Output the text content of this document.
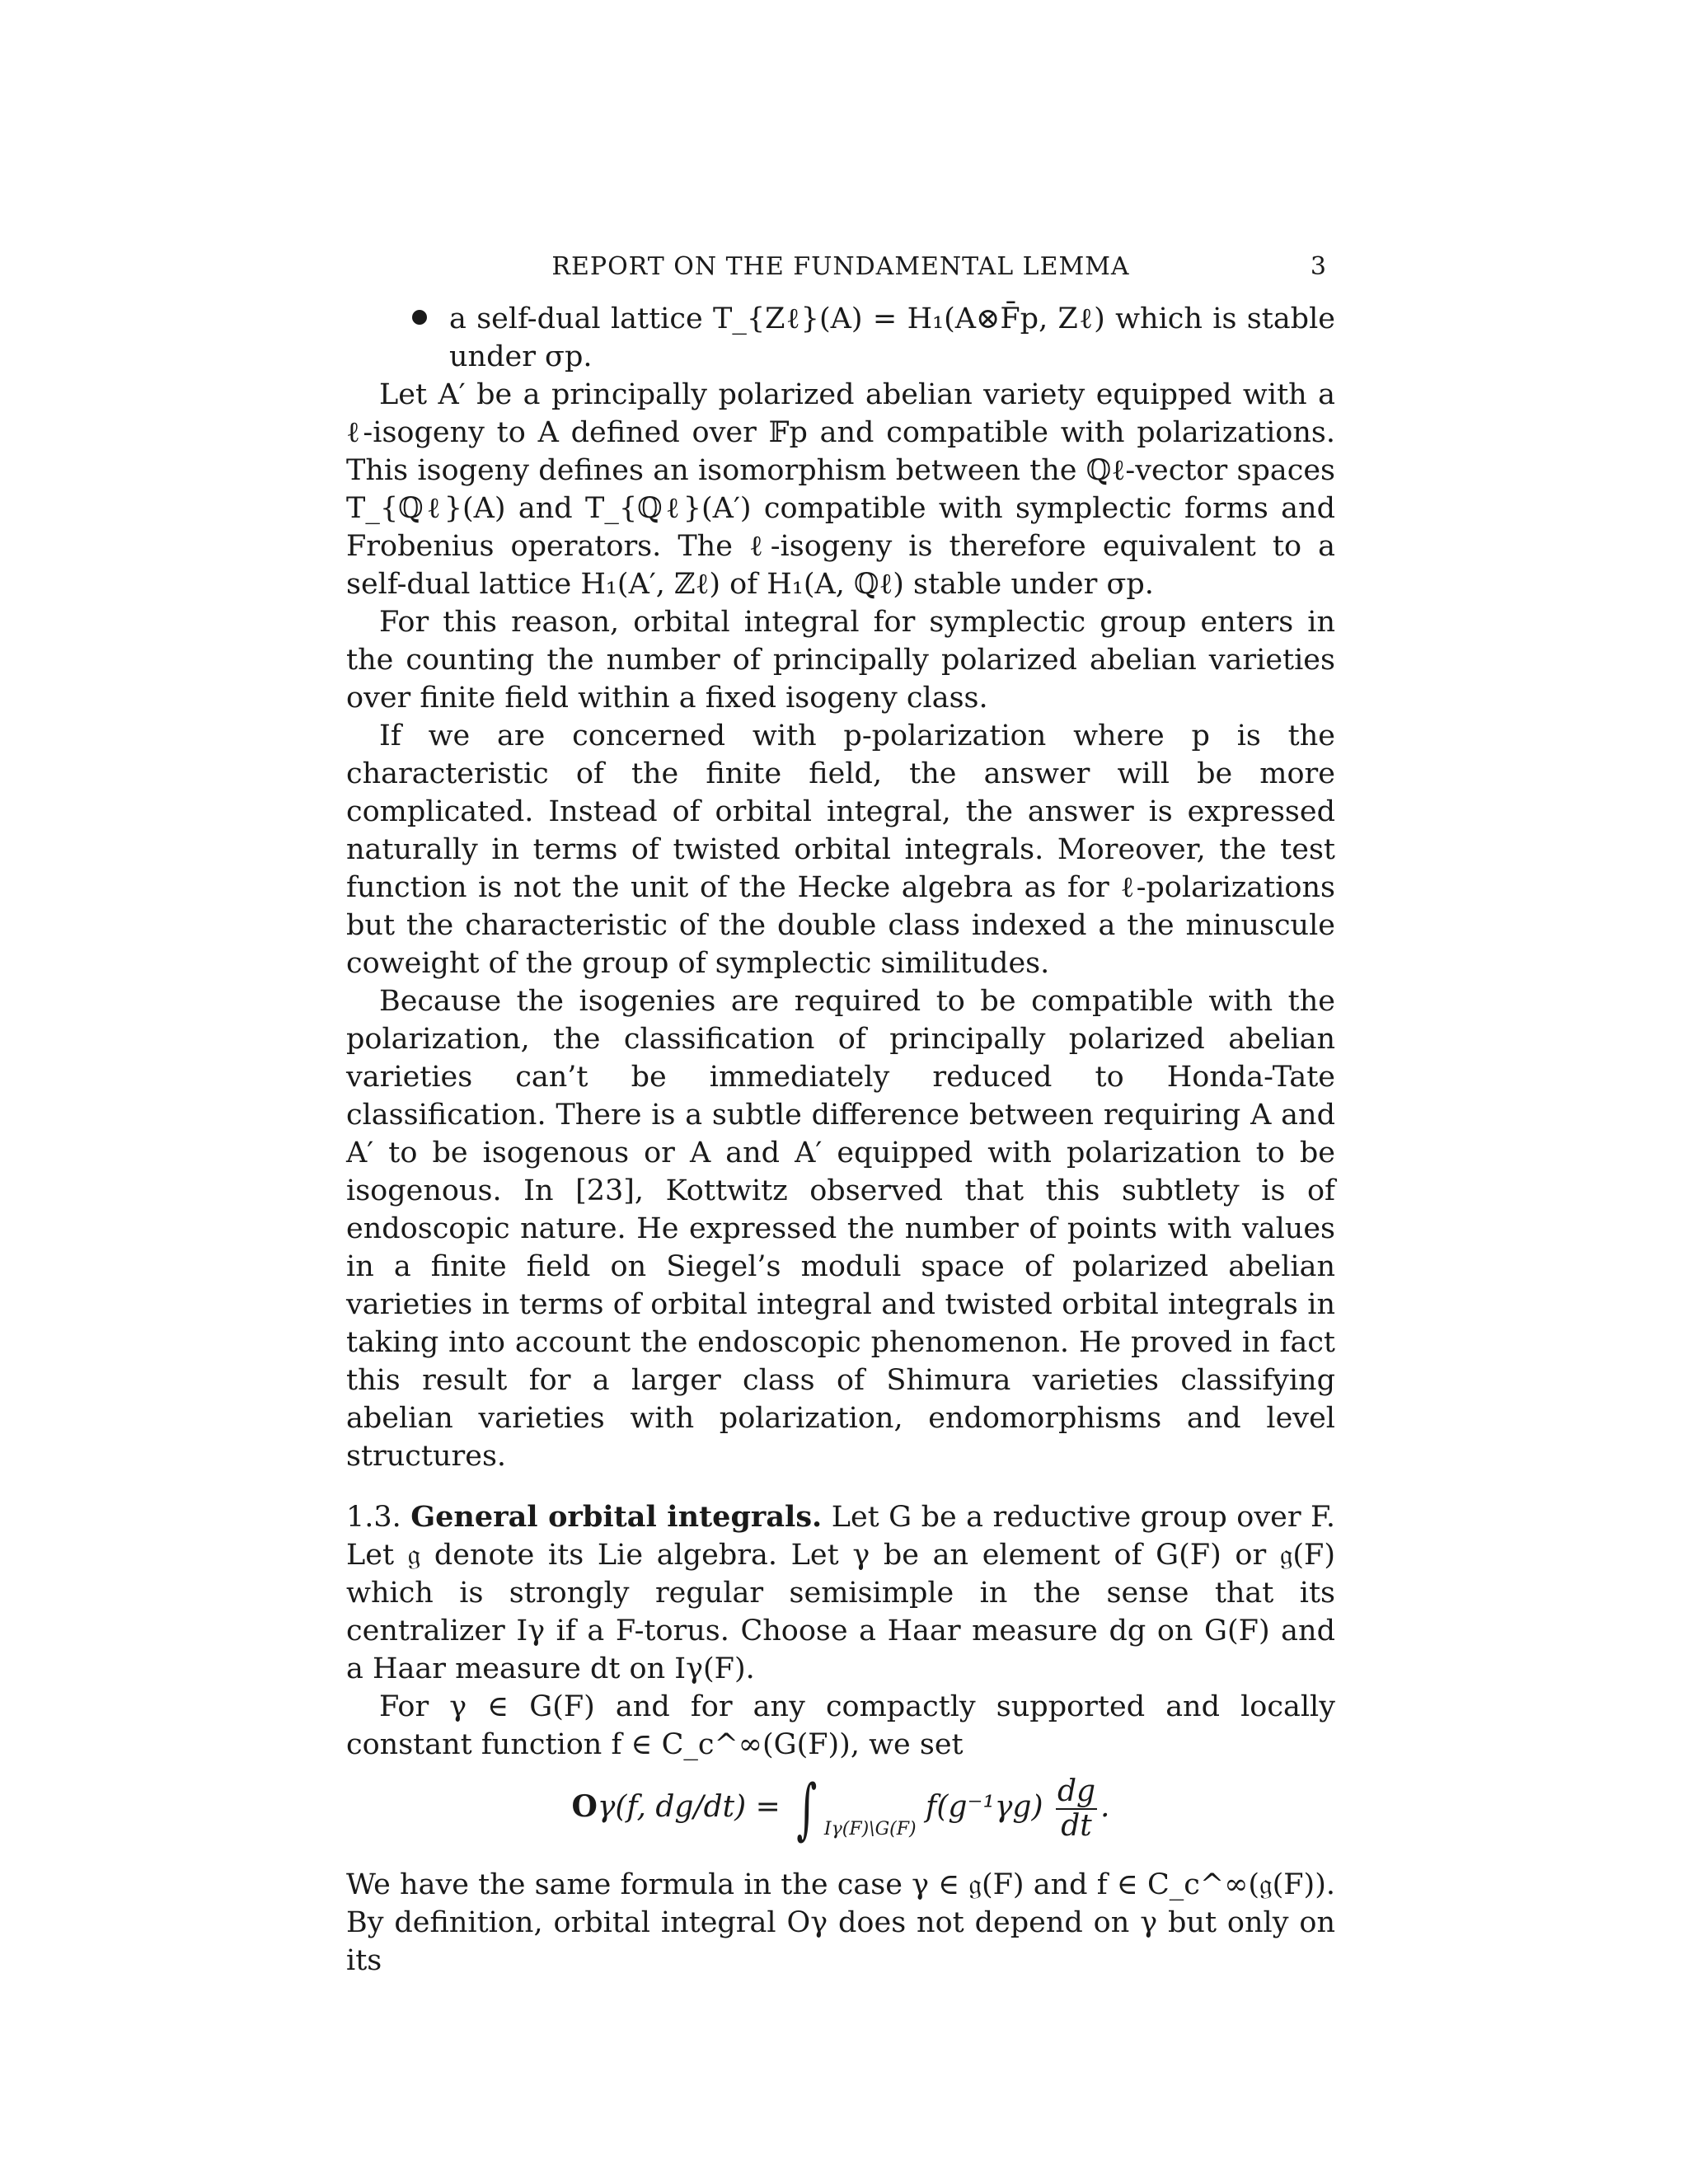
REPORT ON THE FUNDAMENTAL LEMMA	3
a self-dual lattice T_{Zℓ}(A) = H₁(A⊗F̄p, Zℓ) which is stable under σp.

Let A′ be a principally polarized abelian variety equipped with a ℓ-isogeny to A defined over 𝔽p and compatible with polarizations. This isogeny defines an isomorphism between the ℚℓ-vector spaces T_{ℚℓ}(A) and T_{ℚℓ}(A′) compatible with symplectic forms and Frobenius operators. The ℓ-isogeny is therefore equivalent to a self-dual lattice H₁(A′, ℤℓ) of H₁(A, ℚℓ) stable under σp.

For this reason, orbital integral for symplectic group enters in the counting the number of principally polarized abelian varieties over finite field within a fixed isogeny class.

If we are concerned with p-polarization where p is the characteristic of the finite field, the answer will be more complicated. Instead of orbital integral, the answer is expressed naturally in terms of twisted orbital integrals. Moreover, the test function is not the unit of the Hecke algebra as for ℓ-polarizations but the characteristic of the double class indexed a the minuscule coweight of the group of symplectic similitudes.

Because the isogenies are required to be compatible with the polarization, the classification of principally polarized abelian varieties can’t be immediately reduced to Honda-Tate classification. There is a subtle difference between requiring A and A′ to be isogenous or A and A′ equipped with polarization to be isogenous. In [23], Kottwitz observed that this subtlety is of endoscopic nature. He expressed the number of points with values in a finite field on Siegel’s moduli space of polarized abelian varieties in terms of orbital integral and twisted orbital integrals in taking into account the endoscopic phenomenon. He proved in fact this result for a larger class of Shimura varieties classifying abelian varieties with polarization, endomorphisms and level structures.

1.3. General orbital integrals. Let G be a reductive group over F. Let 𝔤 denote its Lie algebra. Let γ be an element of G(F) or 𝔤(F) which is strongly regular semisimple in the sense that its centralizer Iγ if a F-torus. Choose a Haar measure dg on G(F) and a Haar measure dt on Iγ(F).

For γ ∈ G(F) and for any compactly supported and locally constant function f ∈ C_c^∞(G(F)), we set

Oγ(f, dg/dt) = ∫ $_{I\gamma(F)\backslash G(F)}$ $f(g^{-1}\gamma g) \frac{dg}{dt}$ .

We have the same formula in the case γ ∈ 𝔤(F) and f ∈ C_c^∞(𝔤(F)). By definition, orbital integral Oγ does not depend on γ but only on its
